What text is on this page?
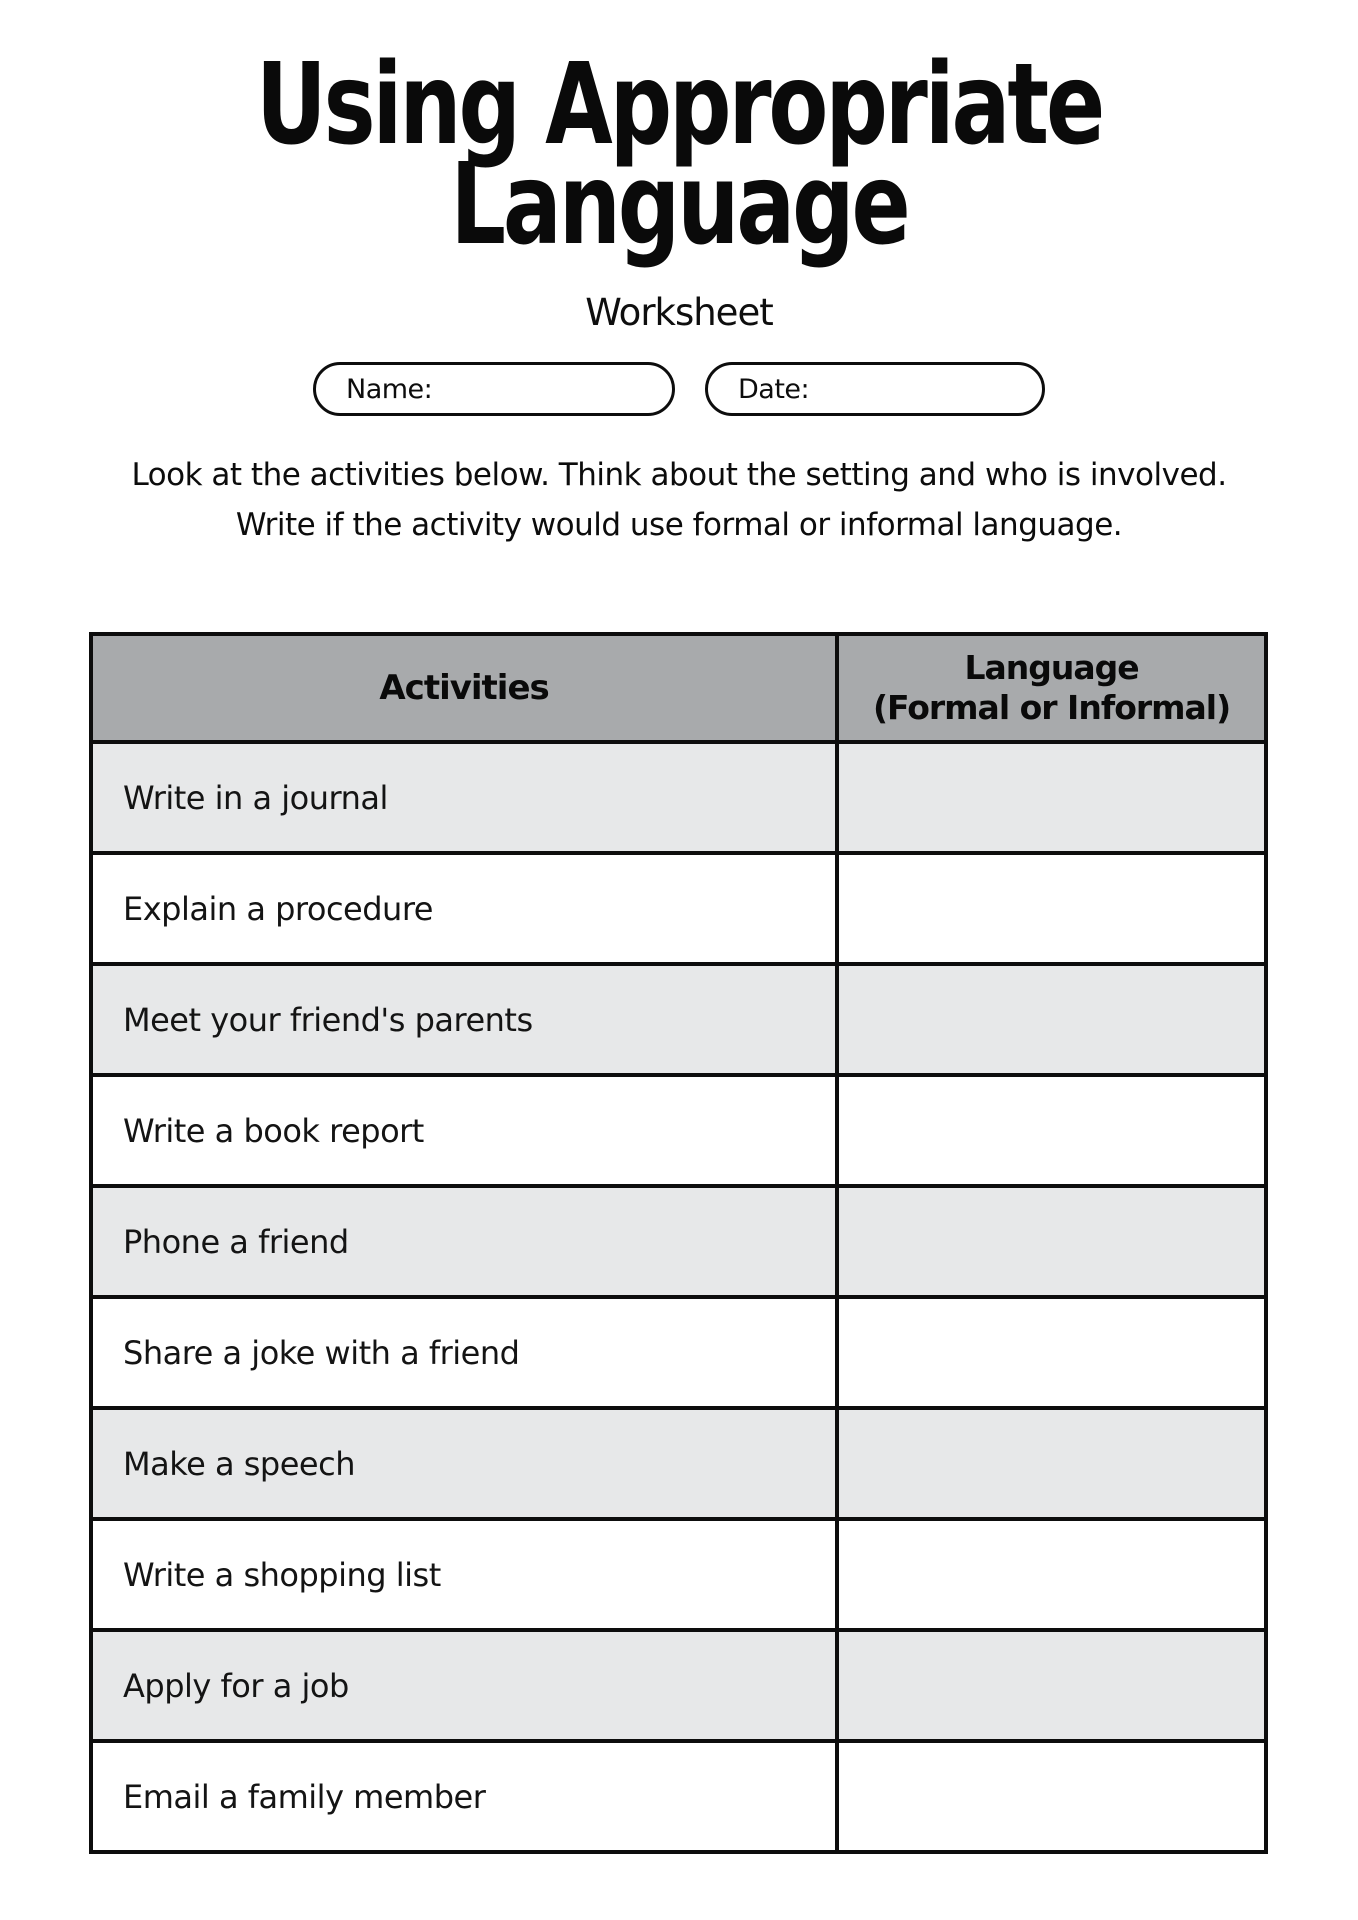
Using Appropriate
Language
Worksheet
Name:	Date:
Look at the activities below. Think about the setting and who is involved.
Write if the activity would use formal or informal language.
Activities	Language
(Formal or Informal)

Write in a journal	
Explain a procedure	
Meet your friend's parents	
Write a book report	
Phone a friend	
Share a joke with a friend	
Make a speech	
Write a shopping list	
Apply for a job	
Email a family member	
